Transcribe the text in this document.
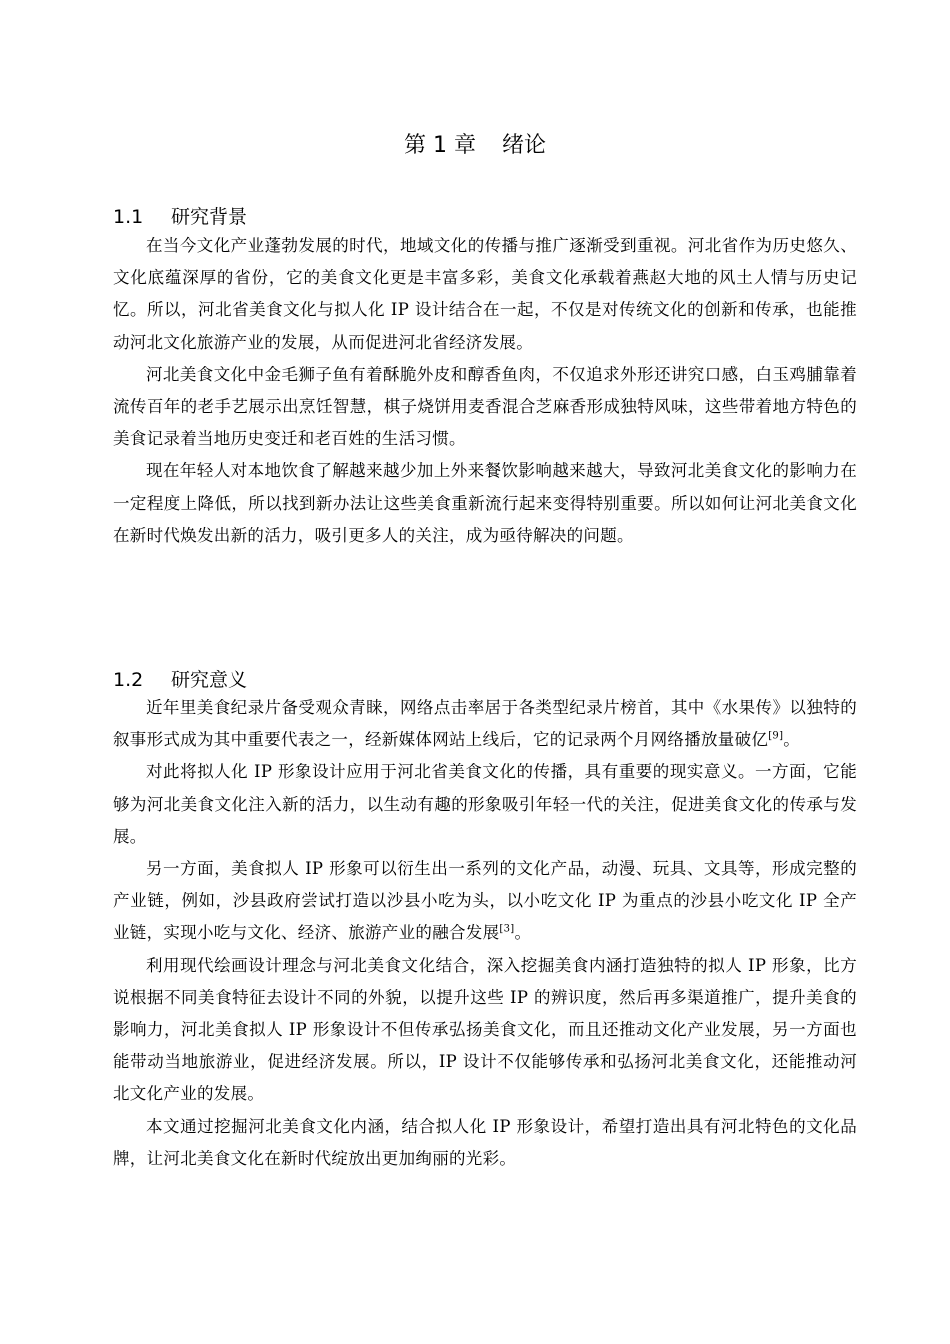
第 1 章 绪论
1.1 研究背景

在当今文化产业蓬勃发展的时代，地域文化的传播与推广逐渐受到重视。河北省作为历史悠久、文化底蕴深厚的省份，它的美食文化更是丰富多彩，美食文化承载着燕赵大地的风土人情与历史记忆。所以，河北省美食文化与拟人化 IP 设计结合在一起，不仅是对传统文化的创新和传承，也能推动河北文化旅游产业的发展，从而促进河北省经济发展。

河北美食文化中金毛狮子鱼有着酥脆外皮和醇香鱼肉，不仅追求外形还讲究口感，白玉鸡脯靠着流传百年的老手艺展示出烹饪智慧，棋子烧饼用麦香混合芝麻香形成独特风味，这些带着地方特色的美食记录着当地历史变迁和老百姓的生活习惯。

现在年轻人对本地饮食了解越来越少加上外来餐饮影响越来越大，导致河北美食文化的影响力在一定程度上降低，所以找到新办法让这些美食重新流行起来变得特别重要。所以如何让河北美食文化在新时代焕发出新的活力，吸引更多人的关注，成为亟待解决的问题。

1.2 研究意义

近年里美食纪录片备受观众青睐，网络点击率居于各类型纪录片榜首，其中《水果传》以独特的叙事形式成为其中重要代表之一，经新媒体网站上线后，它的记录两个月网络播放量破亿[9]。

对此将拟人化 IP 形象设计应用于河北省美食文化的传播，具有重要的现实意义。一方面，它能够为河北美食文化注入新的活力，以生动有趣的形象吸引年轻一代的关注，促进美食文化的传承与发展。

另一方面，美食拟人 IP 形象可以衍生出一系列的文化产品，动漫、玩具、文具等，形成完整的产业链，例如，沙县政府尝试打造以沙县小吃为头，以小吃文化 IP 为重点的沙县小吃文化 IP 全产业链，实现小吃与文化、经济、旅游产业的融合发展[3]。

利用现代绘画设计理念与河北美食文化结合，深入挖掘美食内涵打造独特的拟人 IP 形象，比方说根据不同美食特征去设计不同的外貌，以提升这些 IP 的辨识度，然后再多渠道推广，提升美食的影响力，河北美食拟人 IP 形象设计不但传承弘扬美食文化，而且还推动文化产业发展，另一方面也能带动当地旅游业，促进经济发展。所以，IP 设计不仅能够传承和弘扬河北美食文化，还能推动河北文化产业的发展。

本文通过挖掘河北美食文化内涵，结合拟人化 IP 形象设计，希望打造出具有河北特色的文化品牌，让河北美食文化在新时代绽放出更加绚丽的光彩。
